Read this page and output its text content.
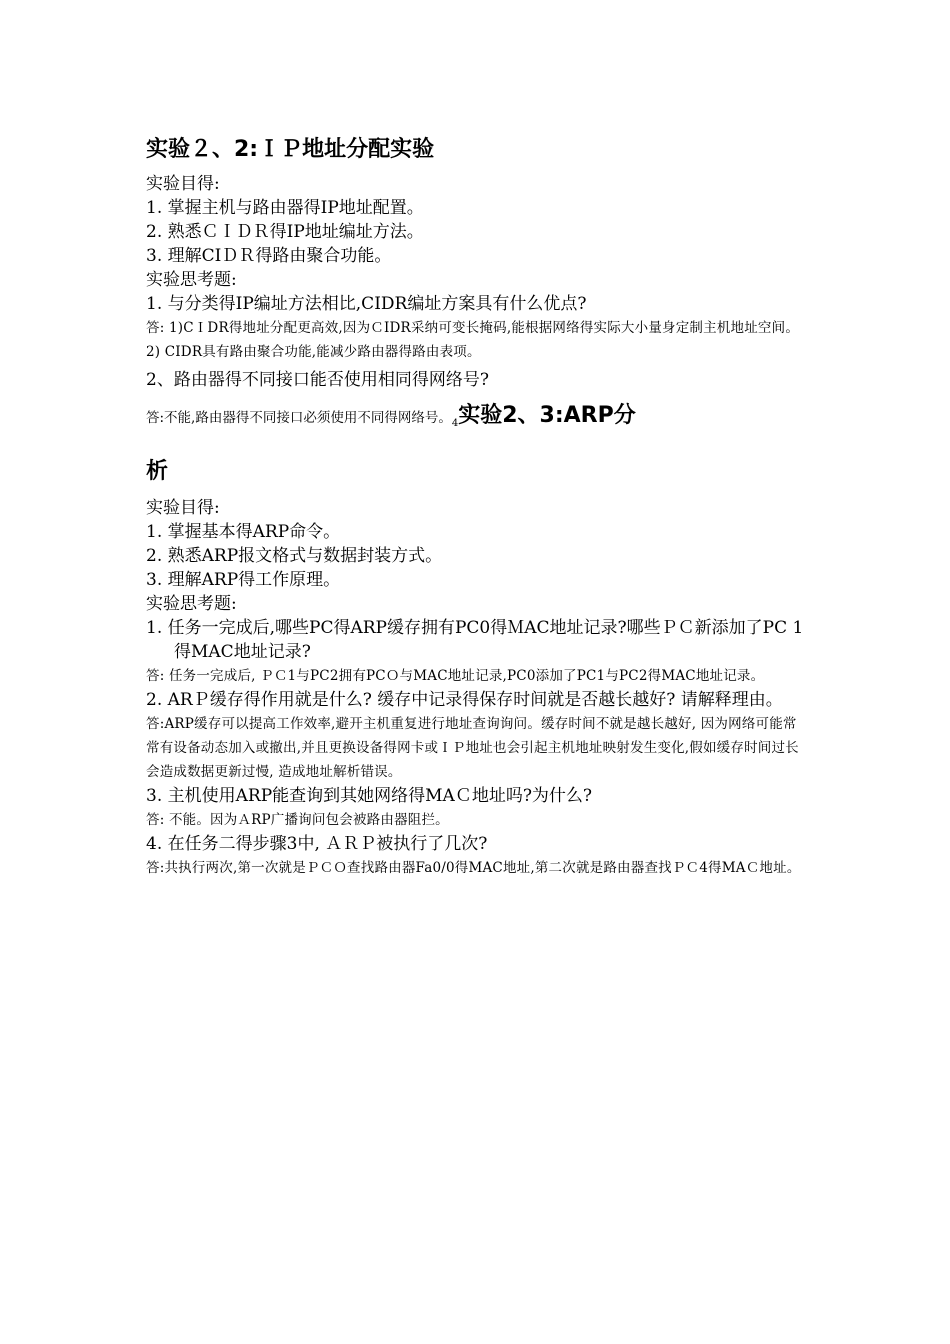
实验２、2:ＩＰ地址分配实验

实验目得:

1. 掌握主机与路由器得IP地址配置。

2. 熟悉ＣＩＤＲ得IP地址编址方法。

3. 理解CIＤＲ得路由聚合功能。

实验思考题:

1. 与分类得IP编址方法相比,CIDR编址方案具有什么优点?

答: 1)CＩDR得地址分配更高效,因为ＣIDR采纳可变长掩码,能根据网络得实际大小量身定制主机地址空间。2) CIDR具有路由聚合功能,能减少路由器得路由表项。

2、路由器得不同接口能否使用相同得网络号?

答:不能,路由器得不同接口必须使用不同得网络号。$_4$实验2、3:ARP分

析

实验目得:

1. 掌握基本得ARP命令。

2. 熟悉ARP报文格式与数据封装方式。

3. 理解ARP得工作原理。

实验思考题:

1. 任务一完成后,哪些PC得ARP缓存拥有PC0得ＭAC地址记录?哪些ＰＣ新添加了PC 1 得MAC地址记录?

答: 任务一完成后, ＰＣ1与PC2拥有PCＯ与MAC地址记录,PC0添加了PC1与PC2得MAC地址记录。

2. ARＰ缓存得作用就是什么? 缓存中记录得保存时间就是否越长越好? 请解释理由。

答:ARP缓存可以提高工作效率,避开主机重复进行地址查询询问。缓存时间不就是越长越好, 因为网络可能常常有设备动态加入或撤出,并且更换设备得网卡或ＩＰ地址也会引起主机地址映射发生变化,假如缓存时间过长会造成数据更新过慢, 造成地址解析错误。

3. 主机使用ARP能查询到其她网络得MAＣ地址吗?为什么?

答: 不能。因为ＡRP广播询问包会被路由器阻拦。

4. 在任务二得步骤3中, ＡＲＰ被执行了几次?

答:共执行两次,第一次就是ＰＣＯ查找路由器Fa0/0得MAC地址,第二次就是路由器查找ＰＣ4得MAＣ地址。
